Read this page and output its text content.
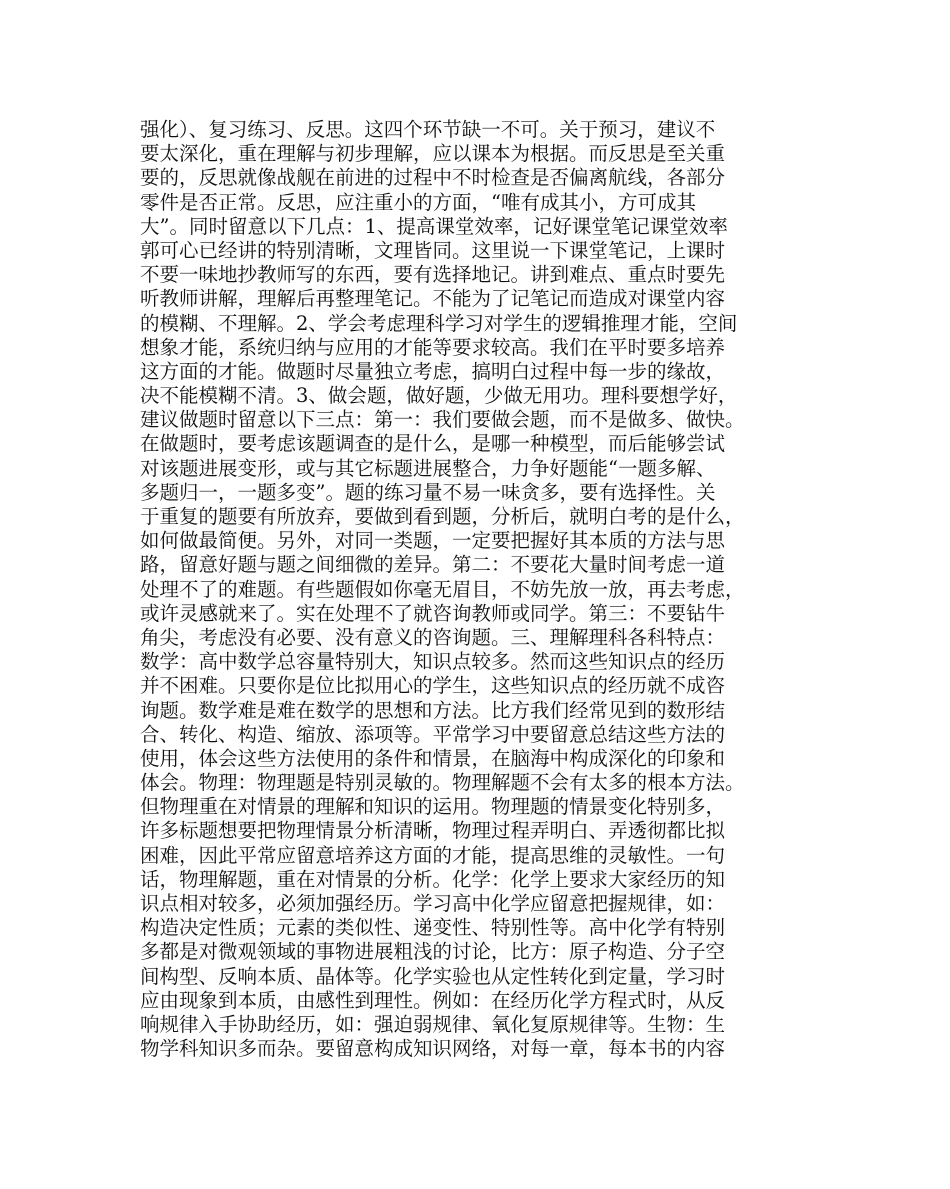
强化）、复习练习、反思。这四个环节缺一不可。关于预习，建议不
要太深化，重在理解与初步理解，应以课本为根据。而反思是至关重
要的，反思就像战舰在前进的过程中不时检查是否偏离航线，各部分
零件是否正常。反思，应注重小的方面，“唯有成其小，方可成其
大”。同时留意以下几点：1、提高课堂效率，记好课堂笔记课堂效率
郭可心已经讲的特别清晰，文理皆同。这里说一下课堂笔记，上课时
不要一味地抄教师写的东西，要有选择地记。讲到难点、重点时要先
听教师讲解，理解后再整理笔记。不能为了记笔记而造成对课堂内容
的模糊、不理解。2、学会考虑理科学习对学生的逻辑推理才能，空间
想象才能，系统归纳与应用的才能等要求较高。我们在平时要多培养
这方面的才能。做题时尽量独立考虑，搞明白过程中每一步的缘故，
决不能模糊不清。3、做会题，做好题，少做无用功。理科要想学好，
建议做题时留意以下三点：第一：我们要做会题，而不是做多、做快。
在做题时，要考虑该题调查的是什么，是哪一种模型，而后能够尝试
对该题进展变形，或与其它标题进展整合，力争好题能“一题多解、
多题归一，一题多变”。题的练习量不易一味贪多，要有选择性。关
于重复的题要有所放弃，要做到看到题，分析后，就明白考的是什么，
如何做最简便。另外，对同一类题，一定要把握好其本质的方法与思
路，留意好题与题之间细微的差异。第二：不要花大量时间考虑一道
处理不了的难题。有些题假如你毫无眉目，不妨先放一放，再去考虑，
或许灵感就来了。实在处理不了就咨询教师或同学。第三：不要钻牛
角尖，考虑没有必要、没有意义的咨询题。三、理解理科各科特点：
数学：高中数学总容量特别大，知识点较多。然而这些知识点的经历
并不困难。只要你是位比拟用心的学生，这些知识点的经历就不成咨
询题。数学难是难在数学的思想和方法。比方我们经常见到的数形结
合、转化、构造、缩放、添项等。平常学习中要留意总结这些方法的
使用，体会这些方法使用的条件和情景，在脑海中构成深化的印象和
体会。物理：物理题是特别灵敏的。物理解题不会有太多的根本方法。
但物理重在对情景的理解和知识的运用。物理题的情景变化特别多，
许多标题想要把物理情景分析清晰，物理过程弄明白、弄透彻都比拟
困难，因此平常应留意培养这方面的才能，提高思维的灵敏性。一句
话，物理解题，重在对情景的分析。化学：化学上要求大家经历的知
识点相对较多，必须加强经历。学习高中化学应留意把握规律，如：
构造决定性质；元素的类似性、递变性、特别性等。高中化学有特别
多都是对微观领域的事物进展粗浅的讨论，比方：原子构造、分子空
间构型、反响本质、晶体等。化学实验也从定性转化到定量，学习时
应由现象到本质，由感性到理性。例如：在经历化学方程式时，从反
响规律入手协助经历，如：强迫弱规律、氧化复原规律等。生物：生
物学科知识多而杂。要留意构成知识网络，对每一章，每本书的内容
